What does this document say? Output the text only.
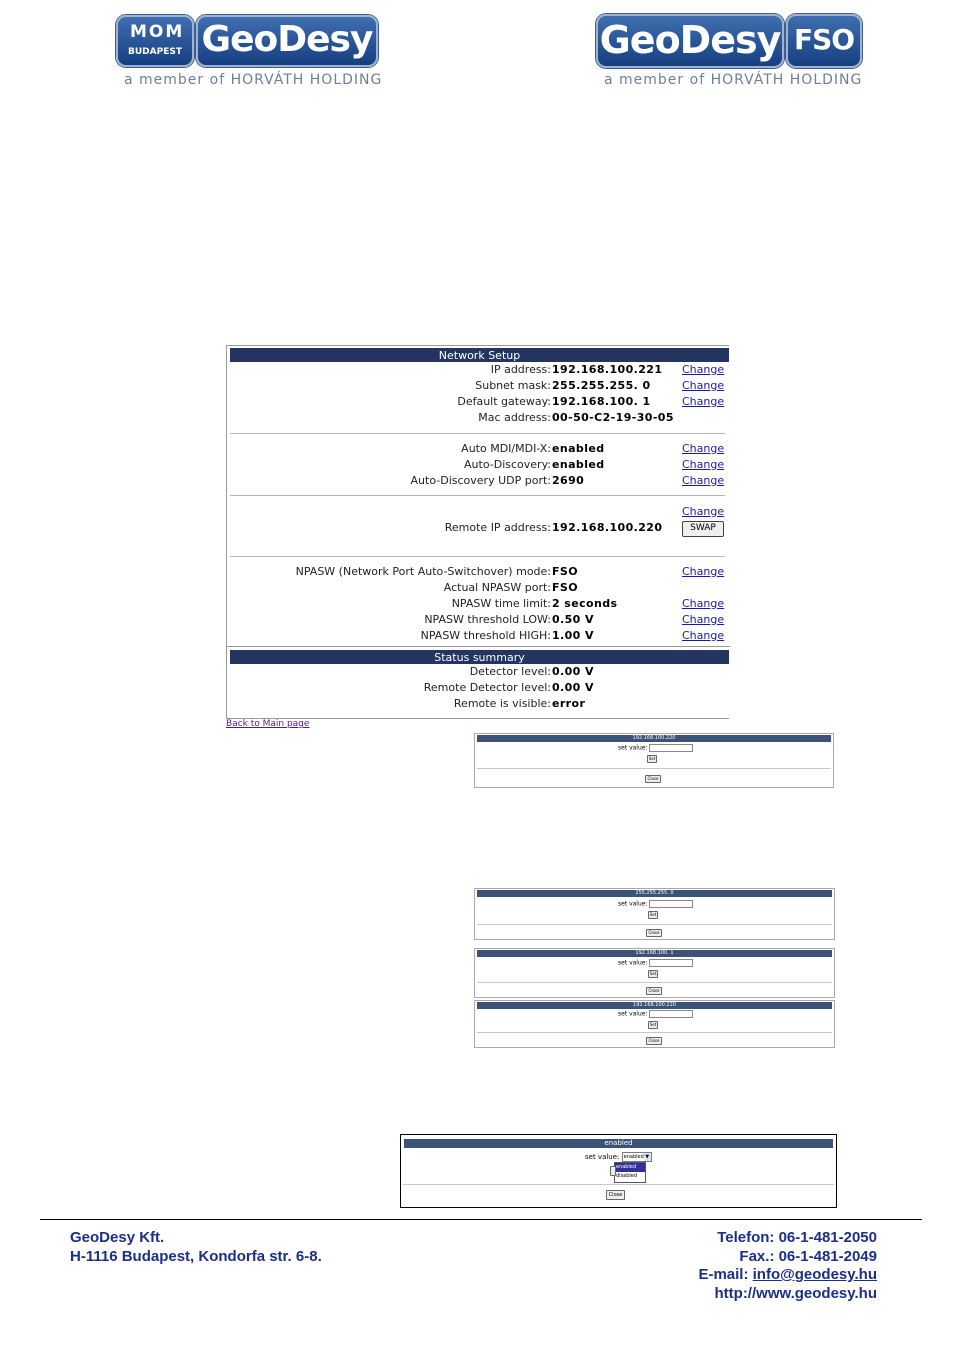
MOM
BUDAPEST GeoDesy
a member of HORVÁTH HOLDING
GeoDesy FSO
a member of HORVÁTH HOLDING
Network Setup
IP address: 192.168.100.221 Change
Subnet mask: 255.255.255. 0	Change
Default gateway: 192.168.100. 1	Change
Mac address: 00-50-C2-19-30-05
Auto MDI/MDI-X: enabled	Change
Auto-Discovery: enabled	Change
Auto-Discovery UDP port: 2690	Change
Change
Remote IP address: 192.168.100.220	SWAP
NPASW (Network Port Auto-Switchover) mode: FSO	Change
Actual NPASW port: FSO
NPASW time limit: 2 seconds	Change
NPASW threshold LOW: 0.50 V	Change
NPASW threshold HIGH: 1.00 V	Change
Status summary
Detector level: 0.00 V
Remote Detector level: 0.00 V
Remote is visible: error
Back to Main page
192.168.100.220
set value:
Set
Close
255.255.255. 0
set value:
Set
Close
192.168.100. 1
set value:
Set
Close
192.168.100.220
set value:
Set
Close
enabled
set value: enabled ▼
enabled
disabled
Close
GeoDesy Kft.
H-1116 Budapest, Kondorfa str. 6-8.
Telefon: 06-1-481-2050
Fax.: 06-1-481-2049
E-mail: info@geodesy.hu
http://www.geodesy.hu
